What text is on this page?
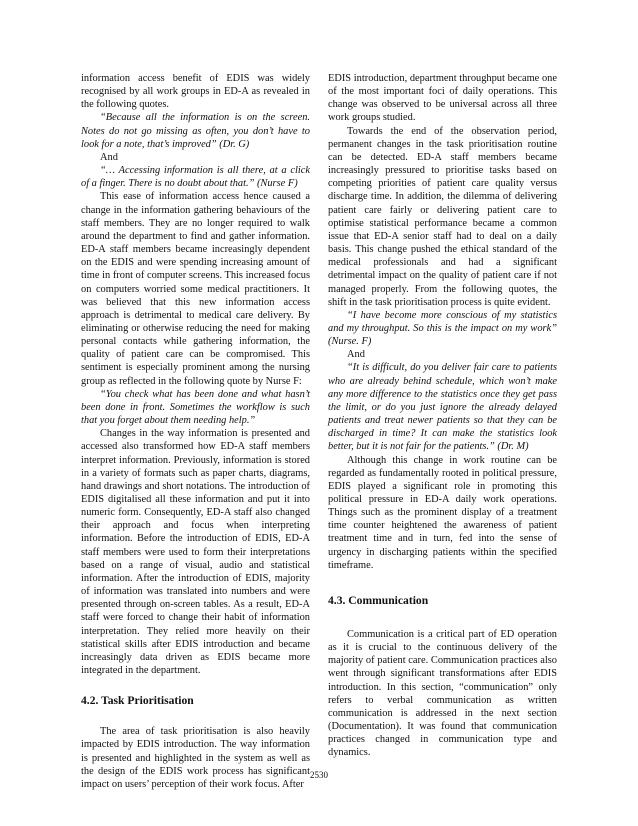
information access benefit of EDIS was widely recognised by all work groups in ED-A as revealed in the following quotes.

“Because all the information is on the screen. Notes do not go missing as often, you don’t have to look for a note, that’s improved” (Dr. G)

And

“… Accessing information is all there, at a click of a finger. There is no doubt about that.” (Nurse F)

This ease of information access hence caused a change in the information gathering behaviours of the staff members. They are no longer required to walk around the department to find and gather information. ED-A staff members became increasingly dependent on the EDIS and were spending increasing amount of time in front of computer screens. This increased focus on computers worried some medical practitioners. It was believed that this new information access approach is detrimental to medical care delivery. By eliminating or otherwise reducing the need for making personal contacts while gathering information, the quality of patient care can be compromised. This sentiment is especially prominent among the nursing group as reflected in the following quote by Nurse F:

“You check what has been done and what hasn’t been done in front. Sometimes the workflow is such that you forget about them needing help.”

Changes in the way information is presented and accessed also transformed how ED-A staff members interpret information. Previously, information is stored in a variety of formats such as paper charts, diagrams, hand drawings and short notations. The introduction of EDIS digitalised all these information and put it into numeric form. Consequently, ED-A staff also changed their approach and focus when interpreting information. Before the introduction of EDIS, ED-A staff members were used to form their interpretations based on a range of visual, audio and statistical information. After the introduction of EDIS, majority of information was translated into numbers and were presented through on-screen tables. As a result, ED-A staff were forced to change their habit of information interpretation. They relied more heavily on their statistical skills after EDIS introduction and became increasingly data driven as EDIS became more integrated in the department.

4.2. Task Prioritisation

The area of task prioritisation is also heavily impacted by EDIS introduction. The way information is presented and highlighted in the system as well as the design of the EDIS work process has significant impact on users’ perception of their work focus. After

EDIS introduction, department throughput became one of the most important foci of daily operations. This change was observed to be universal across all three work groups studied.

Towards the end of the observation period, permanent changes in the task prioritisation routine can be detected. ED-A staff members became increasingly pressured to prioritise tasks based on competing priorities of patient care quality versus discharge time. In addition, the dilemma of delivering patient care fairly or delivering patient care to optimise statistical performance became a common issue that ED-A senior staff had to deal on a daily basis. This change pushed the ethical standard of the medical professionals and had a significant detrimental impact on the quality of patient care if not managed properly. From the following quotes, the shift in the task prioritisation process is quite evident.

“I have become more conscious of my statistics and my throughput. So this is the impact on my work” (Nurse. F)

And

“It is difficult, do you deliver fair care to patients who are already behind schedule, which won’t make any more difference to the statistics once they get pass the limit, or do you just ignore the already delayed patients and treat newer patients so that they can be discharged in time? It can make the statistics look better, but it is not fair for the patients.” (Dr. M)

Although this change in work routine can be regarded as fundamentally rooted in political pressure, EDIS played a significant role in promoting this political pressure in ED-A daily work operations. Things such as the prominent display of a treatment time counter heightened the awareness of patient treatment time and in turn, fed into the sense of urgency in discharging patients within the specified timeframe.

4.3. Communication

Communication is a critical part of ED operation as it is crucial to the continuous delivery of the majority of patient care. Communication practices also went through significant transformations after EDIS introduction. In this section, “communication” only refers to verbal communication as written communication is addressed in the next section (Documentation). It was found that communication practices changed in communication type and dynamics.

2530
